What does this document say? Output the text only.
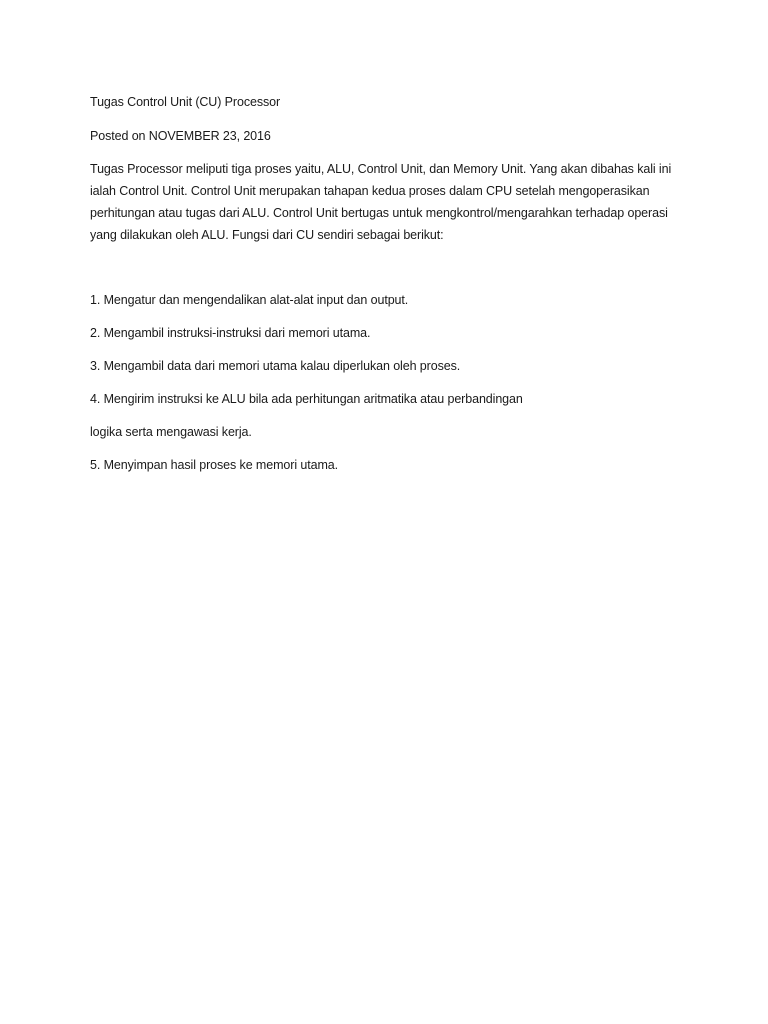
Tugas Control Unit (CU) Processor

Posted on NOVEMBER 23, 2016

Tugas Processor meliputi tiga proses yaitu, ALU, Control Unit, dan Memory Unit. Yang akan dibahas kali ini ialah Control Unit. Control Unit merupakan tahapan kedua proses dalam CPU setelah mengoperasikan perhitungan atau tugas dari ALU. Control Unit bertugas untuk mengkontrol/mengarahkan terhadap operasi yang dilakukan oleh ALU. Fungsi dari CU sendiri sebagai berikut:

1. Mengatur dan mengendalikan alat-alat input dan output.

2. Mengambil instruksi-instruksi dari memori utama.

3. Mengambil data dari memori utama kalau diperlukan oleh proses.

4. Mengirim instruksi ke ALU bila ada perhitungan aritmatika atau perbandingan

logika serta mengawasi kerja.

5. Menyimpan hasil proses ke memori utama.
